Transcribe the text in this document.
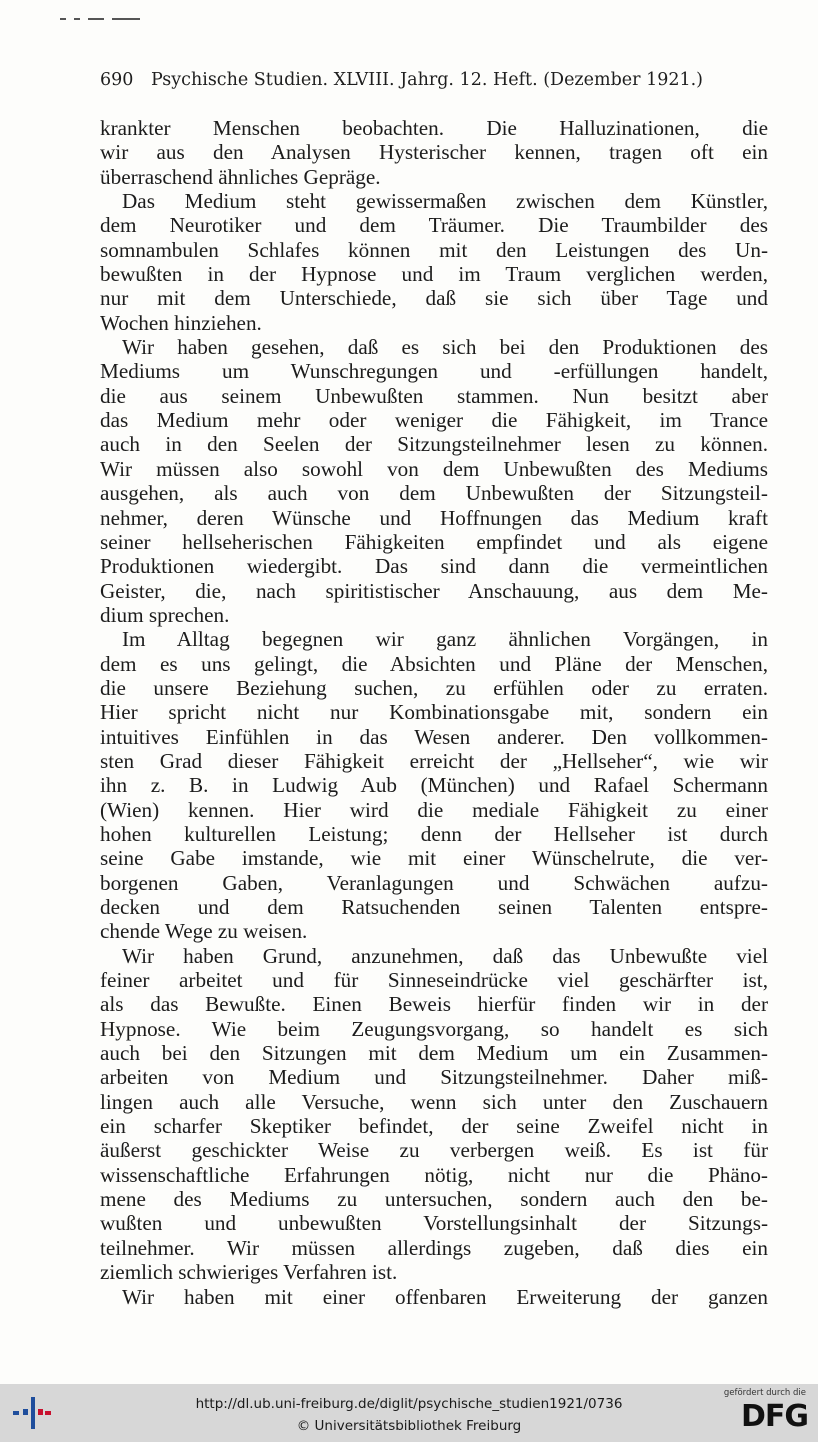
690 Psychische Studien. XLVIII. Jahrg. 12. Heft. (Dezember 1921.)
krankter Menschen beobachten. Die Halluzinationen, die
wir aus den Analysen Hysterischer kennen, tragen oft ein
überraschend ähnliches Gepräge.
Das Medium steht gewissermaßen zwischen dem Künstler,
dem Neurotiker und dem Träumer. Die Traumbilder des
somnambulen Schlafes können mit den Leistungen des Un-
bewußten in der Hypnose und im Traum verglichen werden,
nur mit dem Unterschiede, daß sie sich über Tage und
Wochen hinziehen.
Wir haben gesehen, daß es sich bei den Produktionen des
Mediums um Wunschregungen und -erfüllungen handelt,
die aus seinem Unbewußten stammen. Nun besitzt aber
das Medium mehr oder weniger die Fähigkeit, im Trance
auch in den Seelen der Sitzungsteilnehmer lesen zu können.
Wir müssen also sowohl von dem Unbewußten des Mediums
ausgehen, als auch von dem Unbewußten der Sitzungsteil-
nehmer, deren Wünsche und Hoffnungen das Medium kraft
seiner hellseherischen Fähigkeiten empfindet und als eigene
Produktionen wiedergibt. Das sind dann die vermeintlichen
Geister, die, nach spiritistischer Anschauung, aus dem Me-
dium sprechen.
Im Alltag begegnen wir ganz ähnlichen Vorgängen, in
dem es uns gelingt, die Absichten und Pläne der Menschen,
die unsere Beziehung suchen, zu erfühlen oder zu erraten.
Hier spricht nicht nur Kombinationsgabe mit, sondern ein
intuitives Einfühlen in das Wesen anderer. Den vollkommen-
sten Grad dieser Fähigkeit erreicht der „Hellseher“, wie wir
ihn z. B. in Ludwig Aub (München) und Rafael Schermann
(Wien) kennen. Hier wird die mediale Fähigkeit zu einer
hohen kulturellen Leistung; denn der Hellseher ist durch
seine Gabe imstande, wie mit einer Wünschelrute, die ver-
borgenen Gaben, Veranlagungen und Schwächen aufzu-
decken und dem Ratsuchenden seinen Talenten entspre-
chende Wege zu weisen.
Wir haben Grund, anzunehmen, daß das Unbewußte viel
feiner arbeitet und für Sinneseindrücke viel geschärfter ist,
als das Bewußte. Einen Beweis hierfür finden wir in der
Hypnose. Wie beim Zeugungsvorgang, so handelt es sich
auch bei den Sitzungen mit dem Medium um ein Zusammen-
arbeiten von Medium und Sitzungsteilnehmer. Daher miß-
lingen auch alle Versuche, wenn sich unter den Zuschauern
ein scharfer Skeptiker befindet, der seine Zweifel nicht in
äußerst geschickter Weise zu verbergen weiß. Es ist für
wissenschaftliche Erfahrungen nötig, nicht nur die Phäno-
mene des Mediums zu untersuchen, sondern auch den be-
wußten und unbewußten Vorstellungsinhalt der Sitzungs-
teilnehmer. Wir müssen allerdings zugeben, daß dies ein
ziemlich schwieriges Verfahren ist.
Wir haben mit einer offenbaren Erweiterung der ganzen
http://dl.ub.uni-freiburg.de/diglit/psychische_studien1921/0736
© Universitätsbibliothek Freiburg
gefördert durch die
DFG
